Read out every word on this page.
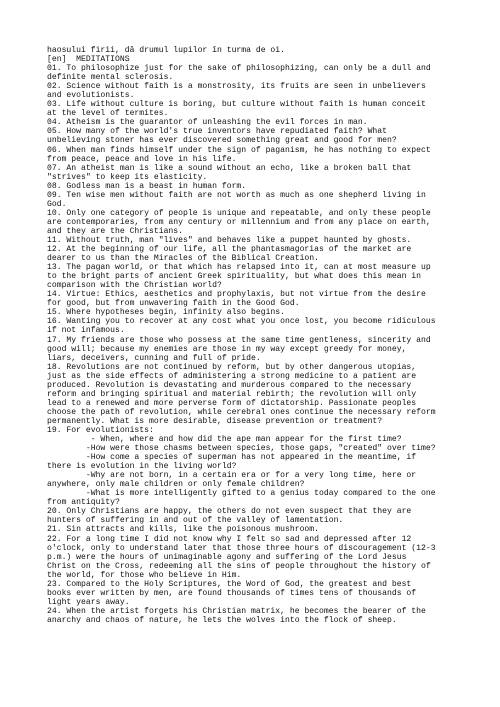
haosului firii, dă drumul lupilor în turma de oi.
[en]  MEDITATIONS
01. To philosophize just for the sake of philosophizing, can only be a dull and
definite mental sclerosis.
02. Science without faith is a monstrosity, its fruits are seen in unbelievers
and evolutionists.
03. Life without culture is boring, but culture without faith is human conceit
at the level of termites.
04. Atheism is the guarantor of unleashing the evil forces in man.
05. How many of the world's true inventors have repudiated faith? What
unbelieving stoner has ever discovered something great and good for men?
06. When man finds himself under the sign of paganism, he has nothing to expect
from peace, peace and love in his life.
07. An atheist man is like a sound without an echo, like a broken ball that
"strives" to keep its elasticity.
08. Godless man is a beast in human form.
09. Ten wise men without faith are not worth as much as one shepherd living in
God.
10. Only one category of people is unique and repeatable, and only these people
are contemporaries, from any century or millennium and from any place on earth,
and they are the Christians.
11. Without truth, man "lives" and behaves like a puppet haunted by ghosts.
12. At the beginning of our life, all the phantasmagorias of the market are
dearer to us than the Miracles of the Biblical Creation.
13. The pagan world, or that which has relapsed into it, can at most measure up
to the bright parts of ancient Greek spirituality, but what does this mean in
comparison with the Christian world?
14. Virtue: Ethics, aesthetics and prophylaxis, but not virtue from the desire
for good, but from unwavering faith in the Good God.
15. Where hypotheses begin, infinity also begins.
16. Wanting you to recover at any cost what you once lost, you become ridiculous
if not infamous.
17. My friends are those who possess at the same time gentleness, sincerity and
good will; because my enemies are those in my way except greedy for money,
liars, deceivers, cunning and full of pride.
18. Revolutions are not continued by reform, but by other dangerous utopias,
just as the side effects of administering a strong medicine to a patient are
produced. Revolution is devastating and murderous compared to the necessary
reform and bringing spiritual and material rebirth; the revolution will only
lead to a renewed and more perverse form of dictatorship. Passionate peoples
choose the path of revolution, while cerebral ones continue the necessary reform
permanently. What is more desirable, disease prevention or treatment?
19. For evolutionists:
- When, where and how did the ape man appear for the first time?
-How were those chasms between species, those gaps, "created" over time?
-How come a species of superman has not appeared in the meantime, if
there is evolution in the living world?
-Why are not born, in a certain era or for a very long time, here or
anywhere, only male children or only female children?
-What is more intelligently gifted to a genius today compared to the one
from antiquity?
20. Only Christians are happy, the others do not even suspect that they are
hunters of suffering in and out of the valley of lamentation.
21. Sin attracts and kills, like the poisonous mushroom.
22. For a long time I did not know why I felt so sad and depressed after 12
o'clock, only to understand later that those three hours of discouragement (12-3
p.m.) were the hours of unimaginable agony and suffering of the Lord Jesus
Christ on the Cross, redeeming all the sins of people throughout the history of
the world, for those who believe in Him.
23. Compared to the Holy Scriptures, the Word of God, the greatest and best
books ever written by men, are found thousands of times tens of thousands of
light years away.
24. When the artist forgets his Christian matrix, he becomes the bearer of the
anarchy and chaos of nature, he lets the wolves into the flock of sheep.
